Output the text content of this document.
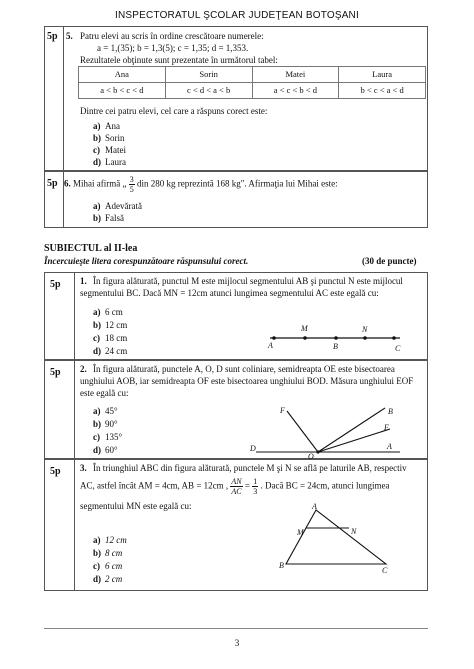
INSPECTORATUL ŞCOLAR JUDEŢEAN BOTOŞANI
5p 5. Patru elevi au scris în ordine crescătoare numerele:
a = 1,(35); b = 1,3(5); c = 1,35; d = 1,353.
Rezultatele obţinute sunt prezentate în următorul tabel:
Ana	Sorin	Matei	Laura
a < b < c < d	c < d < a < b	a < c < b < d	b < c < a < d
Dintre cei patru elevi, cel care a răspuns corect este:
a) Ana
b) Sorin
c) Matei
d) Laura
5p 6. Mihai afirmă „ $\frac{3}{5}$ din 280 kg reprezintă 168 kg". Afirmaţia lui Mihai este:
a) Adevărată
b) Falsă
SUBIECTUL al II-lea
Încercuieşte litera corespunzătoare răspunsului corect.	(30 de puncte)
5p 1. În figura alăturată, punctul M este mijlocul segmentului AB şi punctul N este mijlocul
segmentului BC. Dacă MN = 12cm atunci lungimea segmentului AC este egală cu:
a) 6 cm
b) 12 cm
c) 18 cm
d) 24 cm
M	N
A	B	C
5p 2. În figura alăturată, punctele A, O, D sunt coliniare, semidreapta OE este bisectoarea
unghiului AOB, iar semidreapta OF este bisectoarea unghiului BOD. Măsura unghiului EOF
este egală cu:
a) 45°
b) 90°
c) 135°
d) 60°
F	B
E
A
D
O
5p 3. În triunghiul ABC din figura alăturată, punctele M şi N se află pe laturile AB, respectiv
AC, astfel încât AM = 4cm, AB = 12cm , $\frac{AN}{AC} = \frac{1}{3}$ . Dacă BC = 24cm, atunci lungimea
segmentului MN este egală cu:
a) 12 cm
b) 8 cm
c) 6 cm
d) 2 cm
A
M	N
B
C
3
